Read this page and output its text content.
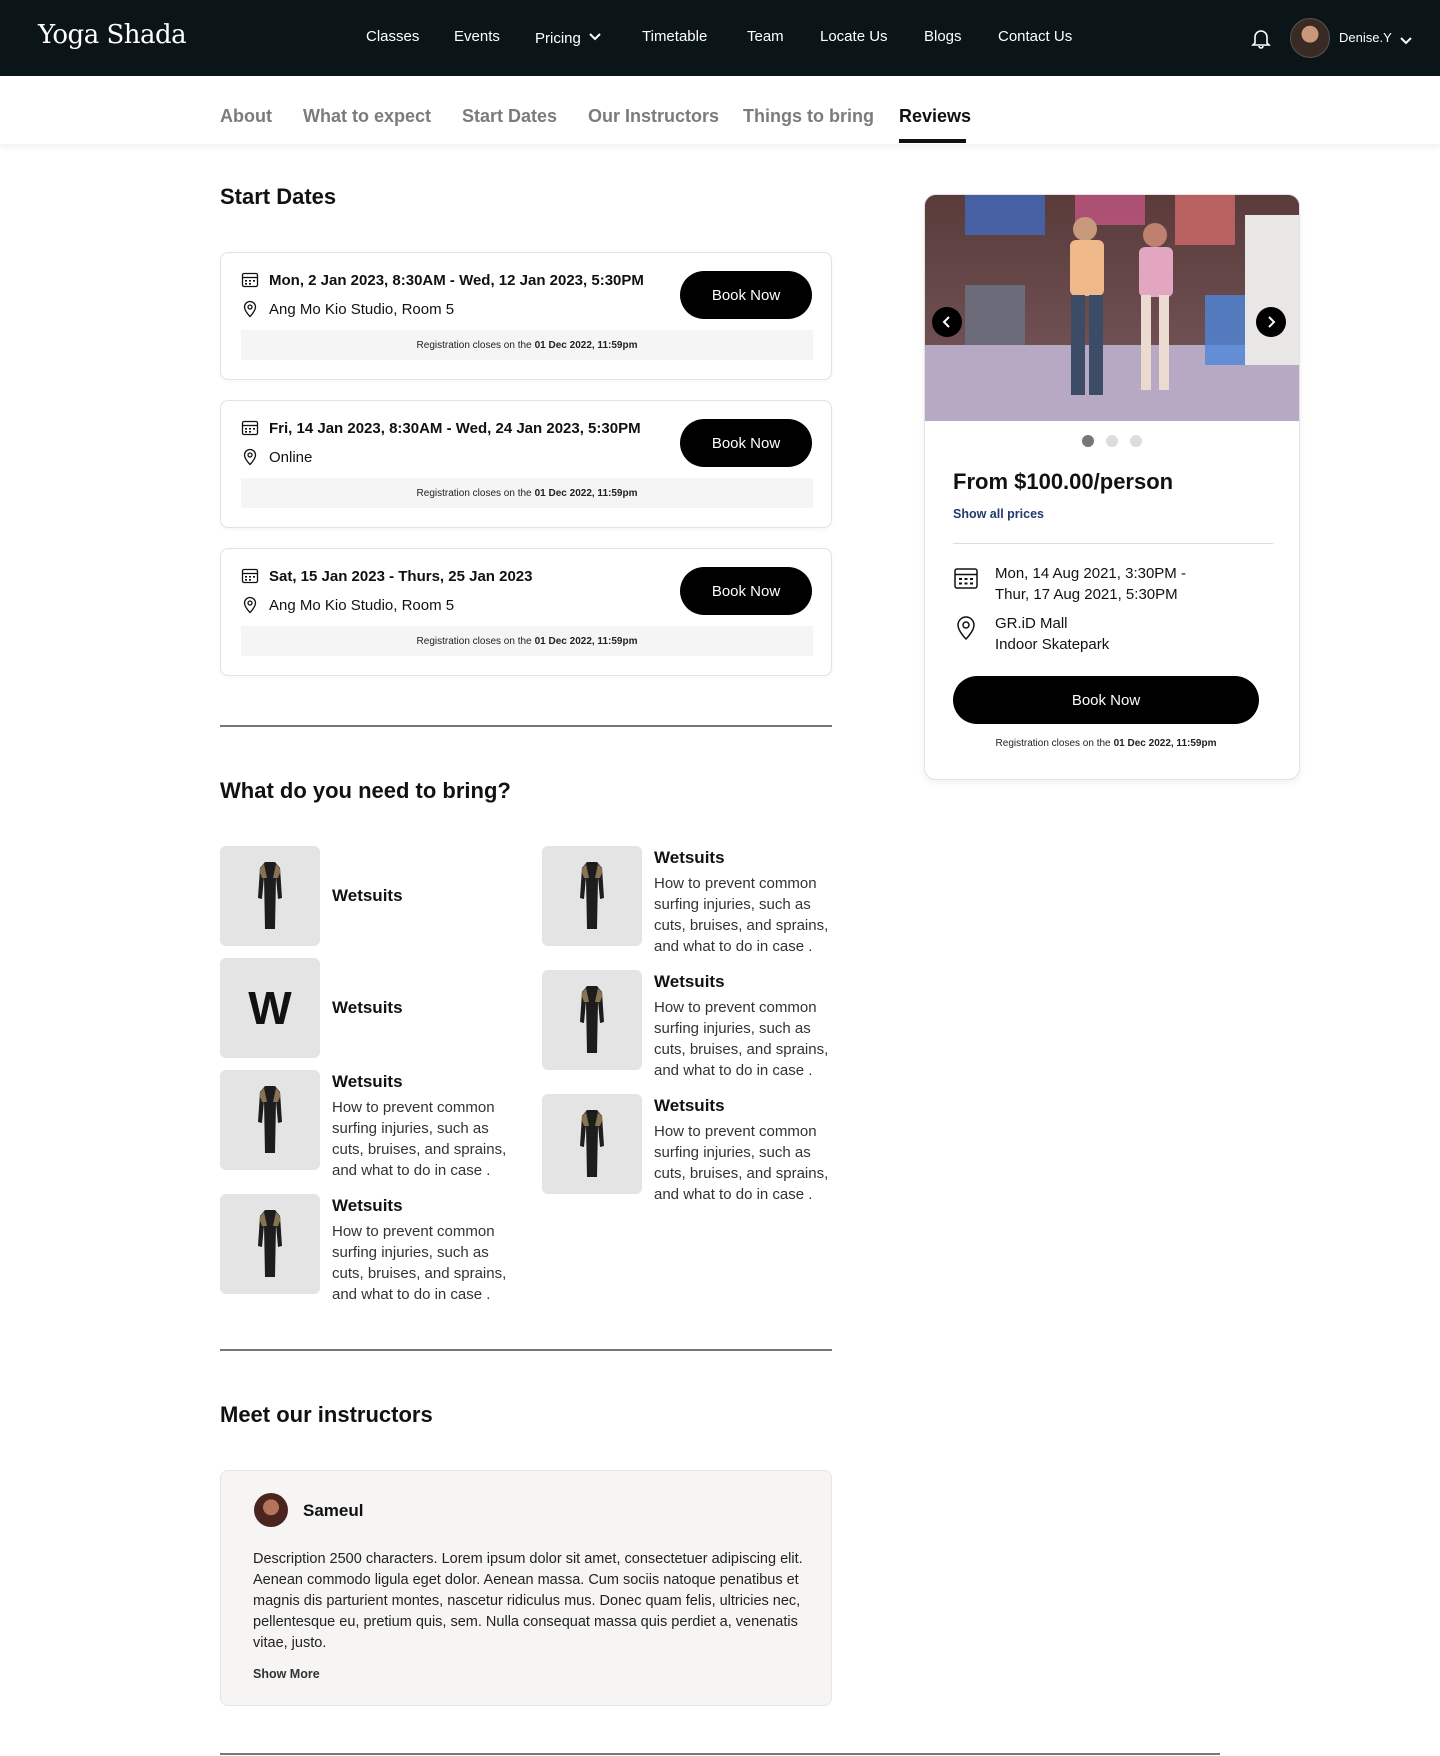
Yoga Shada	Classes Events Pricing	Timetable	Team Locate Us Blogs Contact Us	Denise.Y
About What to expect Start Dates Our Instructors Things to bring Reviews
Start Dates
Mon, 2 Jan 2023, 8:30AM - Wed, 12 Jan 2023, 5:30PM
Ang Mo Kio Studio, Room 5
Book Now
Registration closes on the 01 Dec 2022, 11:59pm
Fri, 14 Jan 2023, 8:30AM - Wed, 24 Jan 2023, 5:30PM
Online
Book Now
Registration closes on the 01 Dec 2022, 11:59pm
Sat, 15 Jan 2023 - Thurs, 25 Jan 2023
Ang Mo Kio Studio, Room 5
Book Now
Registration closes on the 01 Dec 2022, 11:59pm
What do you need to bring?
Wetsuits
W	Wetsuits
Wetsuits
How to prevent common surfing injuries, such as cuts, bruises, and sprains, and what to do in case .
Wetsuits
How to prevent common surfing injuries, such as cuts, bruises, and sprains, and what to do in case .
Wetsuits
How to prevent common surfing injuries, such as cuts, bruises, and sprains, and what to do in case .
Wetsuits
How to prevent common surfing injuries, such as cuts, bruises, and sprains, and what to do in case .
Wetsuits
How to prevent common surfing injuries, such as cuts, bruises, and sprains, and what to do in case .
Meet our instructors
Sameul
Description 2500 characters. Lorem ipsum dolor sit amet, consectetuer adipiscing elit. Aenean commodo ligula eget dolor. Aenean massa. Cum sociis natoque penatibus et magnis dis parturient montes, nascetur ridiculus mus. Donec quam felis, ultricies nec, pellentesque eu, pretium quis, sem. Nulla consequat massa quis perdiet a, venenatis vitae, justo.
Show More
From $100.00/person
Show all prices
Mon, 14 Aug 2021, 3:30PM -
Thur, 17 Aug 2021, 5:30PM
GR.iD Mall
Indoor Skatepark
Book Now
Registration closes on the 01 Dec 2022, 11:59pm
